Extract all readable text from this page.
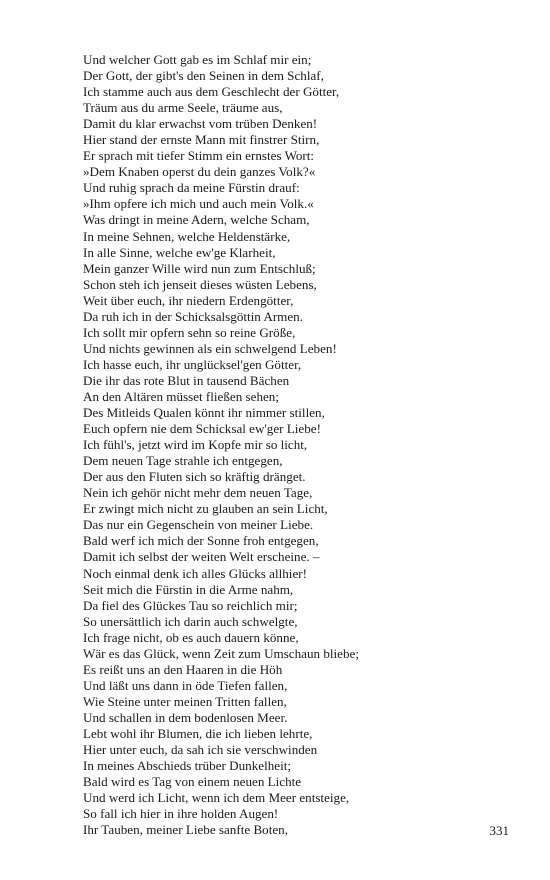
Und welcher Gott gab es im Schlaf mir ein;
Der Gott, der gibt's den Seinen in dem Schlaf,
Ich stamme auch aus dem Geschlecht der Götter,
Träum aus du arme Seele, träume aus,
Damit du klar erwachst vom trüben Denken!
Hier stand der ernste Mann mit finstrer Stirn,
Er sprach mit tiefer Stimm ein ernstes Wort:
»Dem Knaben operst du dein ganzes Volk?«
Und ruhig sprach da meine Fürstin drauf:
»Ihm opfere ich mich und auch mein Volk.«
Was dringt in meine Adern, welche Scham,
In meine Sehnen, welche Heldenstärke,
In alle Sinne, welche ew'ge Klarheit,
Mein ganzer Wille wird nun zum Entschluß;
Schon steh ich jenseit dieses wüsten Lebens,
Weit über euch, ihr niedern Erdengötter,
Da ruh ich in der Schicksalsgöttin Armen.
Ich sollt mir opfern sehn so reine Größe,
Und nichts gewinnen als ein schwelgend Leben!
Ich hasse euch, ihr unglücksel'gen Götter,
Die ihr das rote Blut in tausend Bächen
An den Altären müsset fließen sehen;
Des Mitleids Qualen könnt ihr nimmer stillen,
Euch opfern nie dem Schicksal ew'ger Liebe!
Ich fühl's, jetzt wird im Kopfe mir so licht,
Dem neuen Tage strahle ich entgegen,
Der aus den Fluten sich so kräftig dränget.
Nein ich gehör nicht mehr dem neuen Tage,
Er zwingt mich nicht zu glauben an sein Licht,
Das nur ein Gegenschein von meiner Liebe.
Bald werf ich mich der Sonne froh entgegen,
Damit ich selbst der weiten Welt erscheine. –
Noch einmal denk ich alles Glücks allhier!
Seit mich die Fürstin in die Arme nahm,
Da fiel des Glückes Tau so reichlich mir;
So unersättlich ich darin auch schwelgte,
Ich frage nicht, ob es auch dauern könne,
Wär es das Glück, wenn Zeit zum Umschaun bliebe;
Es reißt uns an den Haaren in die Höh
Und läßt uns dann in öde Tiefen fallen,
Wie Steine unter meinen Tritten fallen,
Und schallen in dem bodenlosen Meer.
Lebt wohl ihr Blumen, die ich lieben lehrte,
Hier unter euch, da sah ich sie verschwinden
In meines Abschieds trüber Dunkelheit;
Bald wird es Tag von einem neuen Lichte
Und werd ich Licht, wenn ich dem Meer entsteige,
So fall ich hier in ihre holden Augen!
Ihr Tauben, meiner Liebe sanfte Boten,	331
